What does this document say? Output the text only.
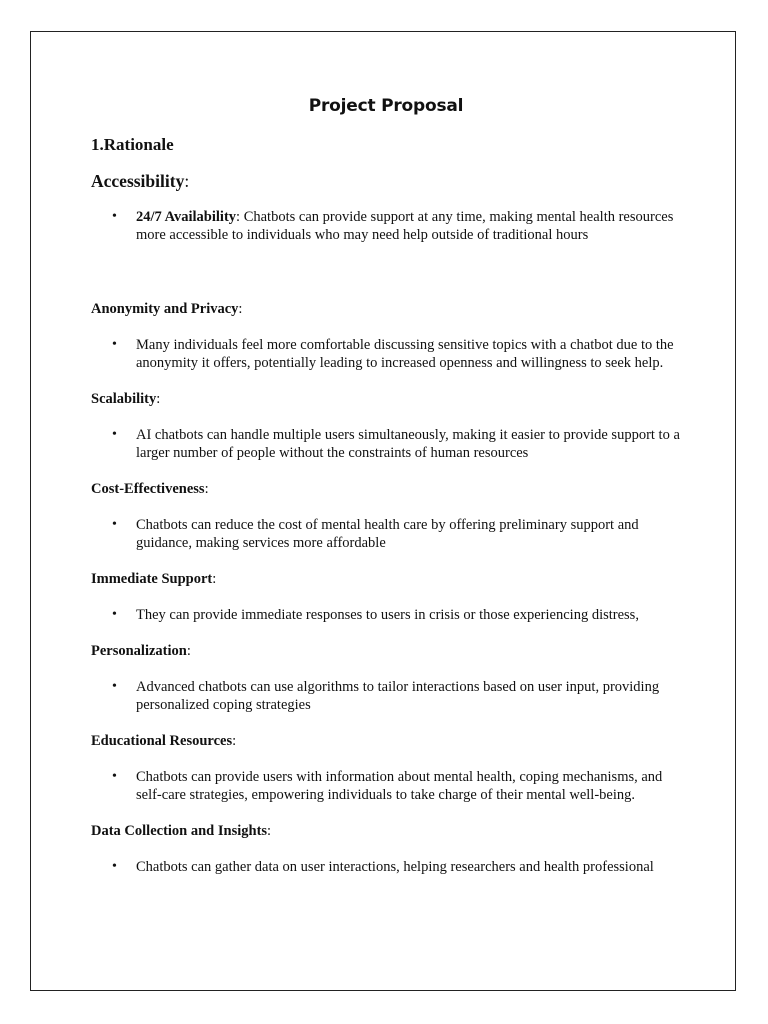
Project Proposal
1.Rationale
Accessibility:
• 24/7 Availability: Chatbots can provide support at any time, making mental health resources more accessible to individuals who may need help outside of traditional hours
Anonymity and Privacy:
• Many individuals feel more comfortable discussing sensitive topics with a chatbot due to the anonymity it offers, potentially leading to increased openness and willingness to seek help.
Scalability:
• AI chatbots can handle multiple users simultaneously, making it easier to provide support to a larger number of people without the constraints of human resources
Cost-Effectiveness:
• Chatbots can reduce the cost of mental health care by offering preliminary support and guidance, making services more affordable
Immediate Support:
• They can provide immediate responses to users in crisis or those experiencing distress,
Personalization:
• Advanced chatbots can use algorithms to tailor interactions based on user input, providing personalized coping strategies
Educational Resources:
• Chatbots can provide users with information about mental health, coping mechanisms, and self-care strategies, empowering individuals to take charge of their mental well-being.
Data Collection and Insights:
• Chatbots can gather data on user interactions, helping researchers and health professional
